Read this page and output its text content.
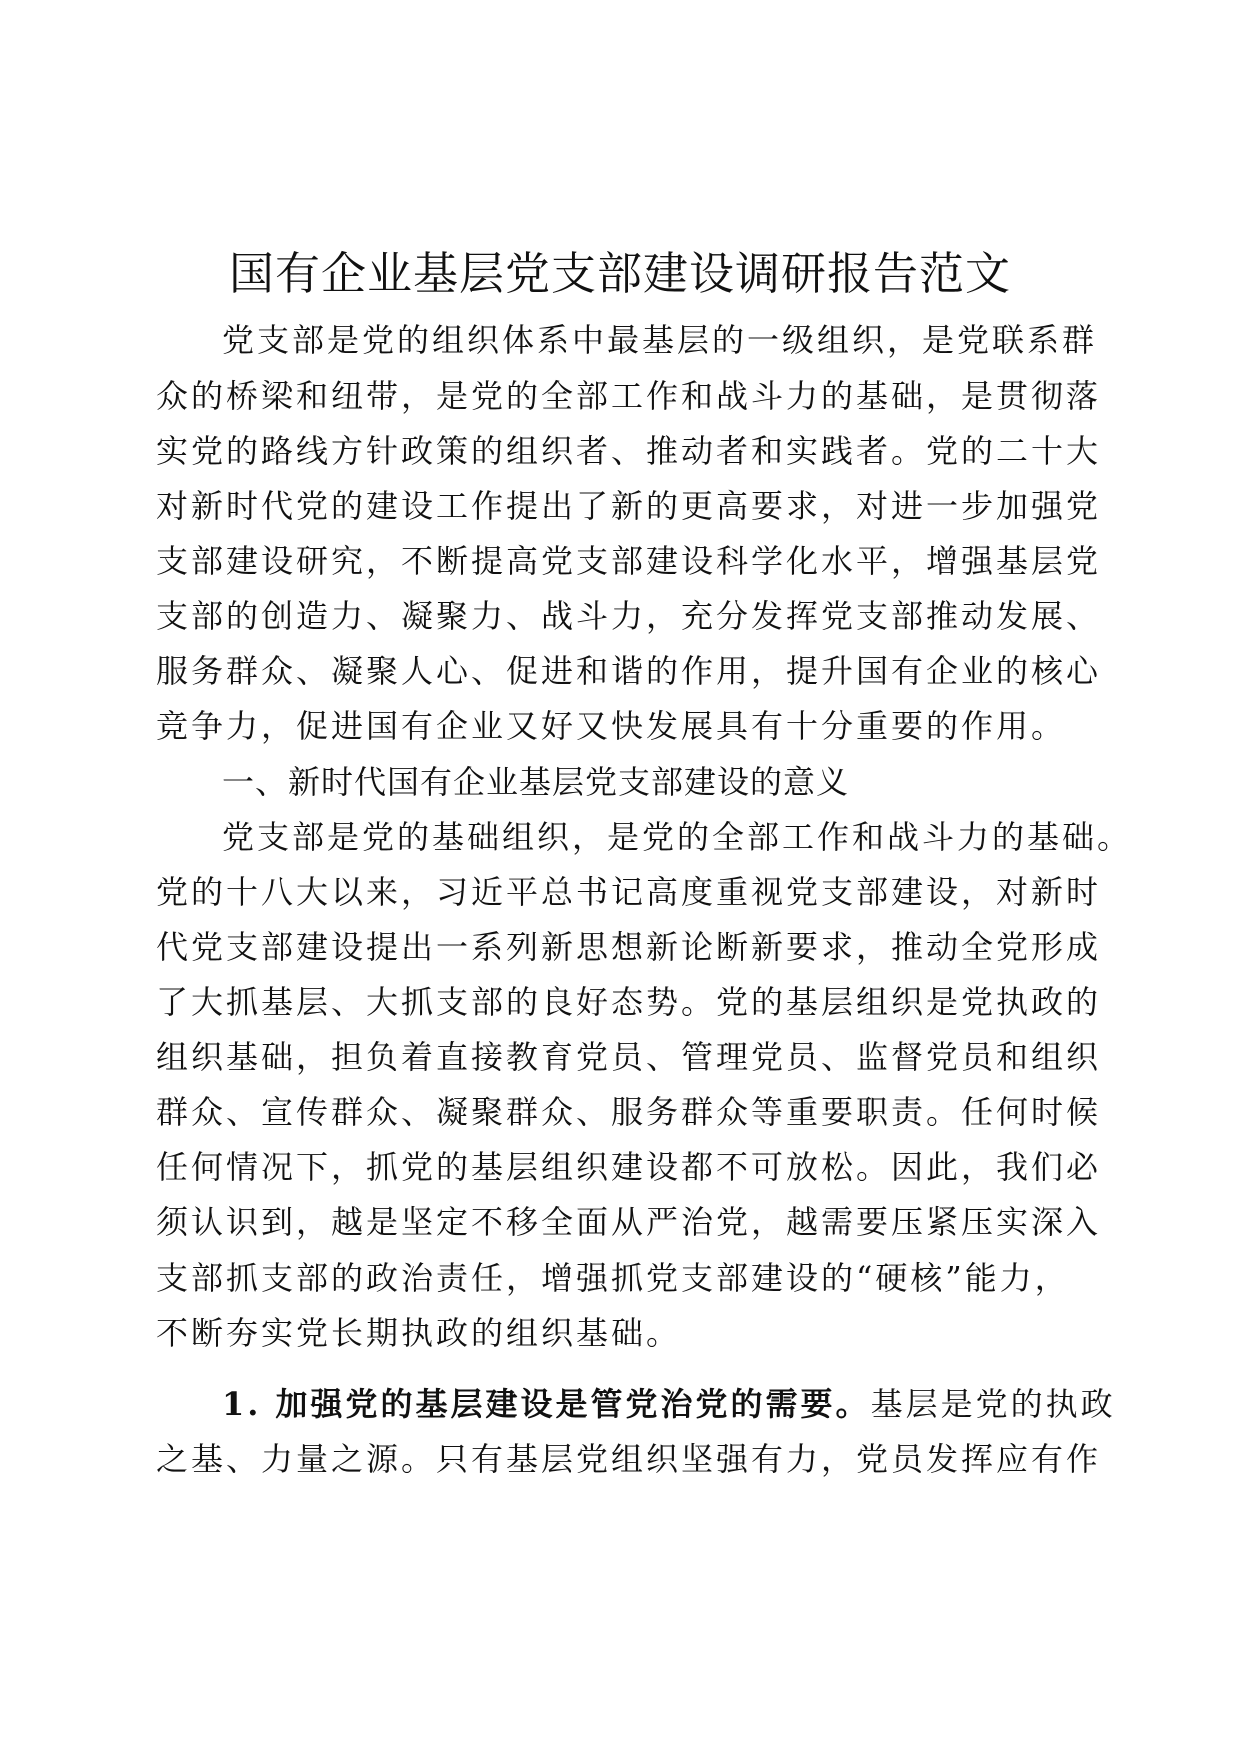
国有企业基层党支部建设调研报告范文
党支部是党的组织体系中最基层的一级组织，是党联系群
众的桥梁和纽带，是党的全部工作和战斗力的基础，是贯彻落
实党的路线方针政策的组织者、推动者和实践者。党的二十大
对新时代党的建设工作提出了新的更高要求，对进一步加强党
支部建设研究，不断提高党支部建设科学化水平，增强基层党
支部的创造力、凝聚力、战斗力，充分发挥党支部推动发展、
服务群众、凝聚人心、促进和谐的作用，提升国有企业的核心
竞争力，促进国有企业又好又快发展具有十分重要的作用。
一、新时代国有企业基层党支部建设的意义
党支部是党的基础组织，是党的全部工作和战斗力的基础。
党的十八大以来，习近平总书记高度重视党支部建设，对新时
代党支部建设提出一系列新思想新论断新要求，推动全党形成
了大抓基层、大抓支部的良好态势。党的基层组织是党执政的
组织基础，担负着直接教育党员、管理党员、监督党员和组织
群众、宣传群众、凝聚群众、服务群众等重要职责。任何时候
任何情况下，抓党的基层组织建设都不可放松。因此，我们必
须认识到，越是坚定不移全面从严治党，越需要压紧压实深入
支部抓支部的政治责任，增强抓党支部建设的“硬核”能力，
不断夯实党长期执政的组织基础。
1. 加强党的基层建设是管党治党的需要。基层是党的执政
之基、力量之源。只有基层党组织坚强有力，党员发挥应有作
